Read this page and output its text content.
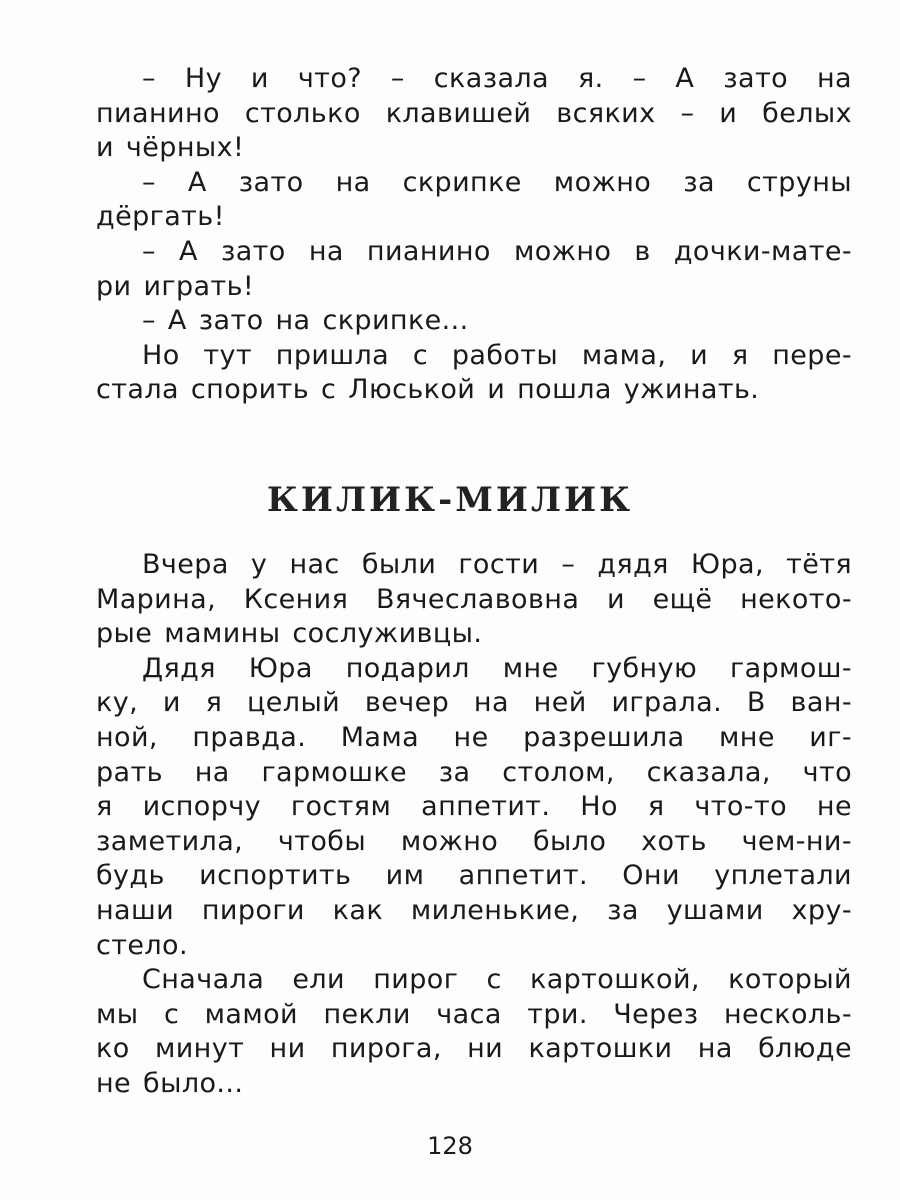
– Ну и что? – сказала я. – А зато на
пианино столько клавишей всяких – и белых
и чёрных!
– А зато на скрипке можно за струны
дёргать!
– А зато на пианино можно в дочки-мате-
ри играть!
– А зато на скрипке...
Но тут пришла с работы мама, и я пере-
стала спорить с Люськой и пошла ужинать.
КИЛИК-МИЛИК
Вчера у нас были гости – дядя Юра, тётя
Марина, Ксения Вячеславовна и ещё некото-
рые мамины сослуживцы.
Дядя Юра подарил мне губную гармош-
ку, и я целый вечер на ней играла. В ван-
ной, правда. Мама не разрешила мне иг-
рать на гармошке за столом, сказала, что
я испорчу гостям аппетит. Но я что-то не
заметила, чтобы можно было хоть чем-ни-
будь испортить им аппетит. Они уплетали
наши пироги как миленькие, за ушами хру-
стело.
Сначала ели пирог с картошкой, который
мы с мамой пекли часа три. Через несколь-
ко минут ни пирога, ни картошки на блюде
не было...
128
